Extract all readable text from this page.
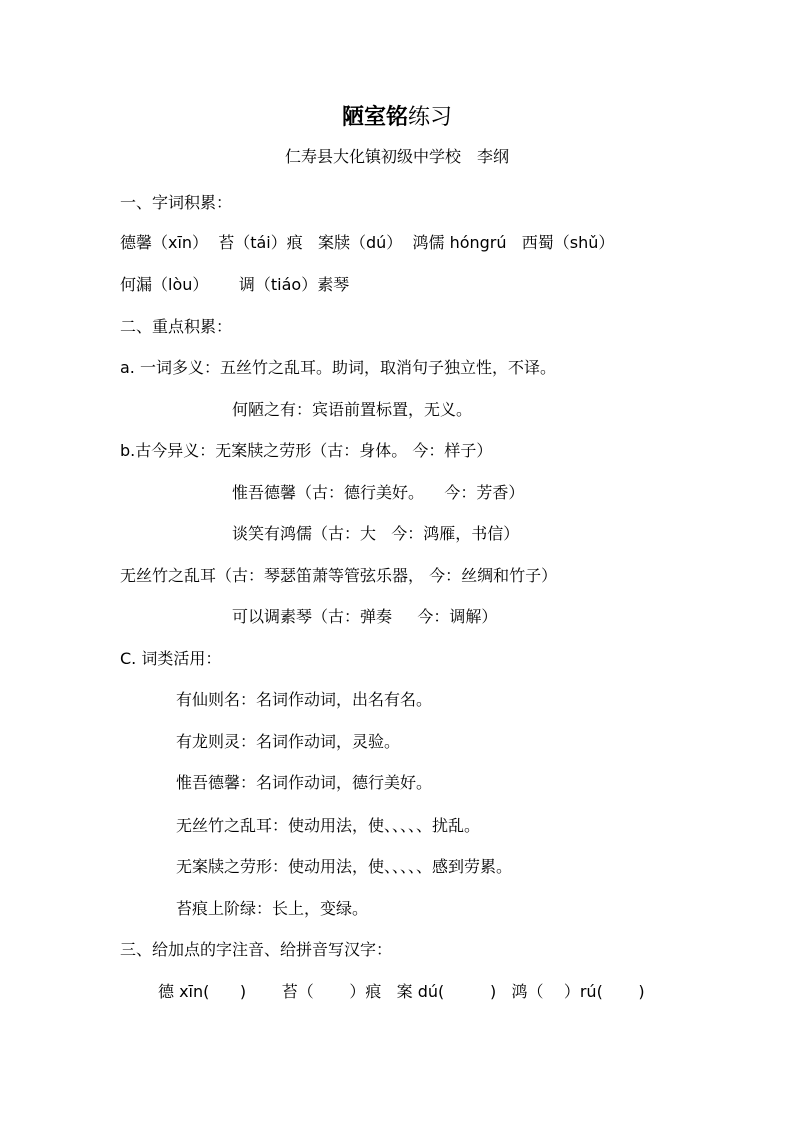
陋室铭练习
仁寿县大化镇初级中学校　李纲
一、字词积累：
德馨（xīn）  苔（tái）痕   案牍（dú）  鸿儒 hóngrú   西蜀（shǔ）
何漏（lòu）      调（tiáo）素琴
二、重点积累：
a. 一词多义：五丝竹之乱耳。助词，取消句子独立性，不译。
何陋之有：宾语前置标置，无义。
b.古今异义：无案牍之劳形（古：身体。 今：样子）
惟吾德馨（古：德行美好。    今：芳香）
谈笑有鸿儒（古：大   今：鸿雁，书信）
无丝竹之乱耳（古：琴瑟笛萧等管弦乐器， 今：丝绸和竹子）
可以调素琴（古：弹奏     今：调解）
C. 词类活用：
有仙则名：名词作动词，出名有名。
有龙则灵：名词作动词，灵验。
惟吾德馨：名词作动词，德行美好。
无丝竹之乱耳：使动用法，使、、、、、扰乱。
无案牍之劳形：使动用法，使、、、、、感到劳累。
苔痕上阶绿：长上，变绿。
三、给加点的字注音、给拼音写汉字：
德 xīn(      )       苔（       ）痕   案 dú(         )   鸿（    ）rú(       )
